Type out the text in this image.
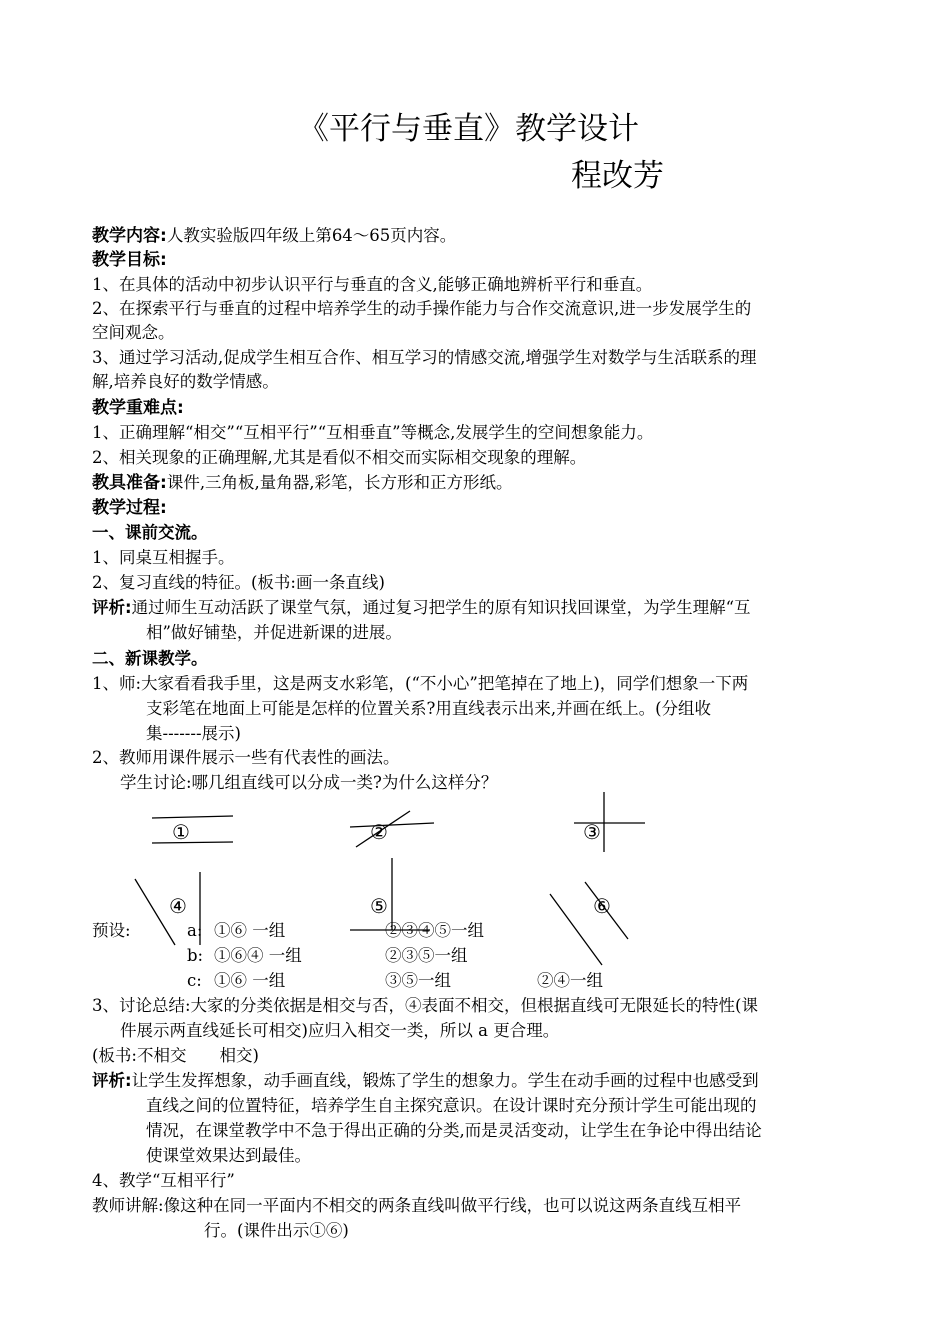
《平行与垂直》教学设计
程改芳
教学内容:人教实验版四年级上第64～65页内容。
教学目标:
1、在具体的活动中初步认识平行与垂直的含义,能够正确地辨析平行和垂直。
2、在探索平行与垂直的过程中培养学生的动手操作能力与合作交流意识,进一步发展学生的
空间观念。
3、通过学习活动,促成学生相互合作、相互学习的情感交流,增强学生对数学与生活联系的理
解,培养良好的数学情感。
教学重难点:
1、正确理解“相交”“互相平行”“互相垂直”等概念,发展学生的空间想象能力。
2、相关现象的正确理解,尤其是看似不相交而实际相交现象的理解。
教具准备:课件,三角板,量角器,彩笔，长方形和正方形纸。
教学过程:
一、课前交流。
1、同桌互相握手。
2、复习直线的特征。(板书:画一条直线)
评析:通过师生互动活跃了课堂气氛，通过复习把学生的原有知识找回课堂，为学生理解“互
相”做好铺垫，并促进新课的进展。
二、新课教学。
1、师:大家看看我手里，这是两支水彩笔，(“不小心”把笔掉在了地上)，同学们想象一下两
支彩笔在地面上可能是怎样的位置关系?用直线表示出来,并画在纸上。(分组收
集-------展示)
2、教师用课件展示一些有代表性的画法。
学生讨论:哪几组直线可以分成一类?为什么这样分？
①	②	③
④	⑤	⑥
预设:	a: ①⑥ 一组	②③④⑤一组
b: ①⑥④ 一组	②③⑤一组
c: ①⑥ 一组	③⑤一组	②④一组
3、讨论总结:大家的分类依据是相交与否，④表面不相交，但根据直线可无限延长的特性(课
件展示两直线延长可相交)应归入相交一类，所以 a 更合理。
(板书:不相交　　相交)
评析:让学生发挥想象，动手画直线，锻炼了学生的想象力。学生在动手画的过程中也感受到
直线之间的位置特征，培养学生自主探究意识。在设计课时充分预计学生可能出现的
情况，在课堂教学中不急于得出正确的分类,而是灵活变动，让学生在争论中得出结论
使课堂效果达到最佳。
4、教学“互相平行”
教师讲解:像这种在同一平面内不相交的两条直线叫做平行线，也可以说这两条直线互相平
行。(课件出示①⑥)
